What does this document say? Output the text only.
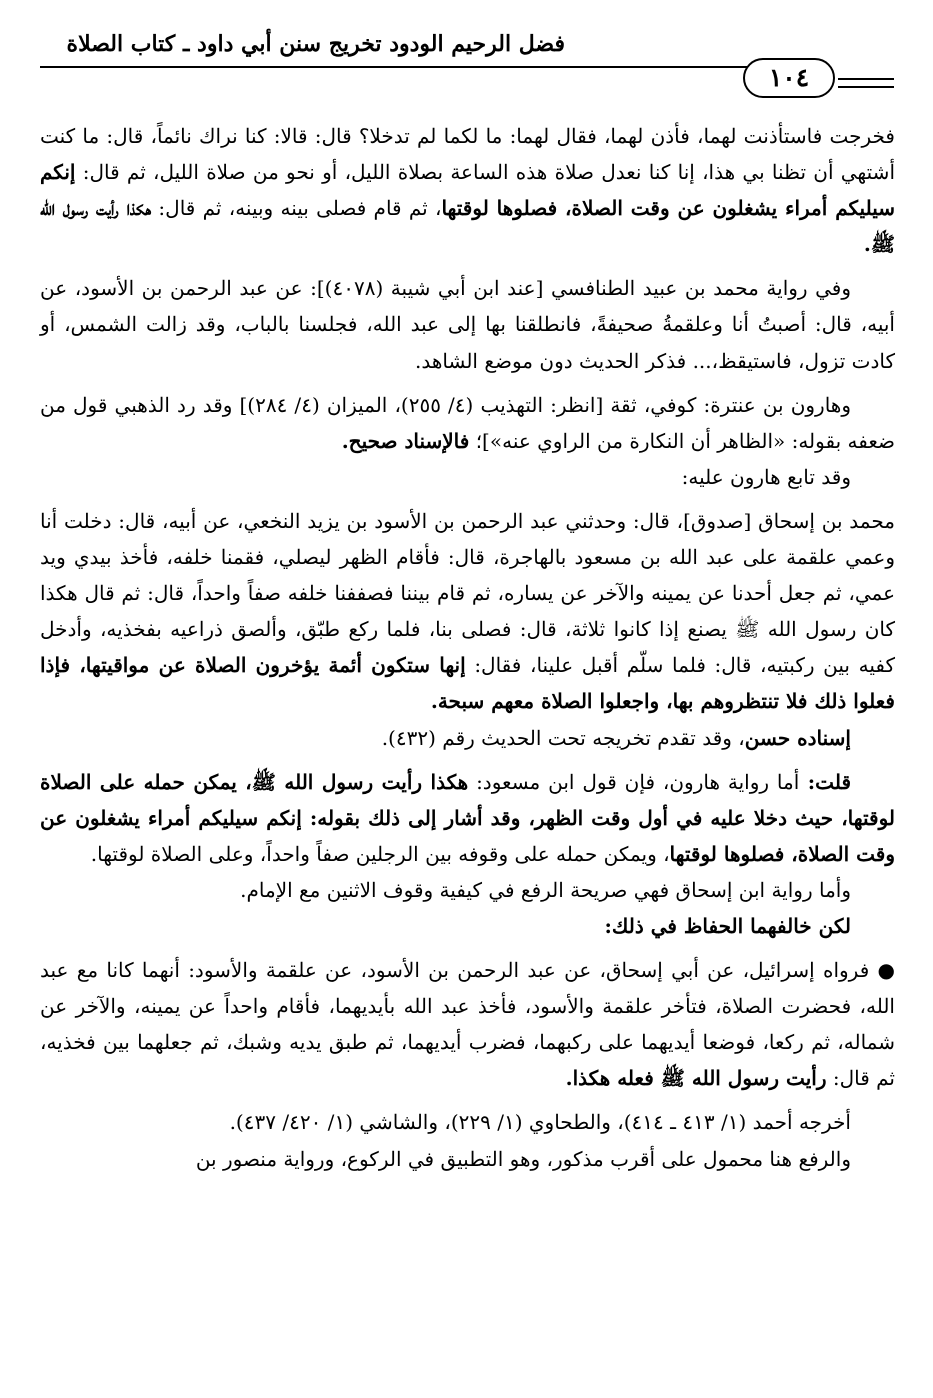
فضل الرحيم الودود تخريج سنن أبي داود ـ كتاب الصلاة
١٠٤

فخرجت فاستأذنت لهما، فأذن لهما، فقال لهما: ما لكما لم تدخلا؟ قال: قالا: كنا نراك نائماً، قال: ما كنت أشتهي أن تظنا بي هذا، إنا كنا نعدل صلاة هذه الساعة بصلاة الليل، أو نحو من صلاة الليل، ثم قال: إنكم سيليكم أمراء يشغلون عن وقت الصلاة، فصلوها لوقتها، ثم قام فصلى بينه وبينه، ثم قال: هكذا رأيت رسول الله ﷺ.

وفي رواية محمد بن عبيد الطنافسي [عند ابن أبي شيبة (٤٠٧٨)]: عن عبد الرحمن بن الأسود، عن أبيه، قال: أصبتُ أنا وعلقمةُ صحيفةً، فانطلقنا بها إلى عبد الله، فجلسنا بالباب، وقد زالت الشمس، أو كادت تزول، فاستيقظ،... فذكر الحديث دون موضع الشاهد.

وهارون بن عنترة: كوفي، ثقة [انظر: التهذيب (٤/ ٢٥٥)، الميزان (٤/ ٢٨٤)] وقد رد الذهبي قول من ضعفه بقوله: «الظاهر أن النكارة من الراوي عنه»]؛ فالإسناد صحيح.

وقد تابع هارون عليه:

محمد بن إسحاق [صدوق]، قال: وحدثني عبد الرحمن بن الأسود بن يزيد النخعي، عن أبيه، قال: دخلت أنا وعمي علقمة على عبد الله بن مسعود بالهاجرة، قال: فأقام الظهر ليصلي، فقمنا خلفه، فأخذ بيدي ويد عمي، ثم جعل أحدنا عن يمينه والآخر عن يساره، ثم قام بيننا فصففنا خلفه صفاً واحداً، قال: ثم قال هكذا كان رسول الله ﷺ يصنع إذا كانوا ثلاثة، قال: فصلى بنا، فلما ركع طبّق، وألصق ذراعيه بفخذيه، وأدخل كفيه بين ركبتيه، قال: فلما سلّم أقبل علينا، فقال: إنها ستكون أئمة يؤخرون الصلاة عن مواقيتها، فإذا فعلوا ذلك فلا تنتظروهم بها، واجعلوا الصلاة معهم سبحة.

إسناده حسن، وقد تقدم تخريجه تحت الحديث رقم (٤٣٢).

قلت: أما رواية هارون، فإن قول ابن مسعود: هكذا رأيت رسول الله ﷺ، يمكن حمله على الصلاة لوقتها، حيث دخلا عليه في أول وقت الظهر، وقد أشار إلى ذلك بقوله: إنكم سيليكم أمراء يشغلون عن وقت الصلاة، فصلوها لوقتها، ويمكن حمله على وقوفه بين الرجلين صفاً واحداً، وعلى الصلاة لوقتها.

وأما رواية ابن إسحاق فهي صريحة الرفع في كيفية وقوف الاثنين مع الإمام.

لكن خالفهما الحفاظ في ذلك:

● فرواه إسرائيل، عن أبي إسحاق، عن عبد الرحمن بن الأسود، عن علقمة والأسود: أنهما كانا مع عبد الله، فحضرت الصلاة، فتأخر علقمة والأسود، فأخذ عبد الله بأيديهما، فأقام واحداً عن يمينه، والآخر عن شماله، ثم ركعا، فوضعا أيديهما على ركبهما، فضرب أيديهما، ثم طبق يديه وشبك، ثم جعلهما بين فخذيه، ثم قال: رأيت رسول الله ﷺ فعله هكذا.

أخرجه أحمد (١/ ٤١٣ ـ ٤١٤)، والطحاوي (١/ ٢٢٩)، والشاشي (١/ ٤٢٠/ ٤٣٧).

والرفع هنا محمول على أقرب مذكور، وهو التطبيق في الركوع، ورواية منصور بن
